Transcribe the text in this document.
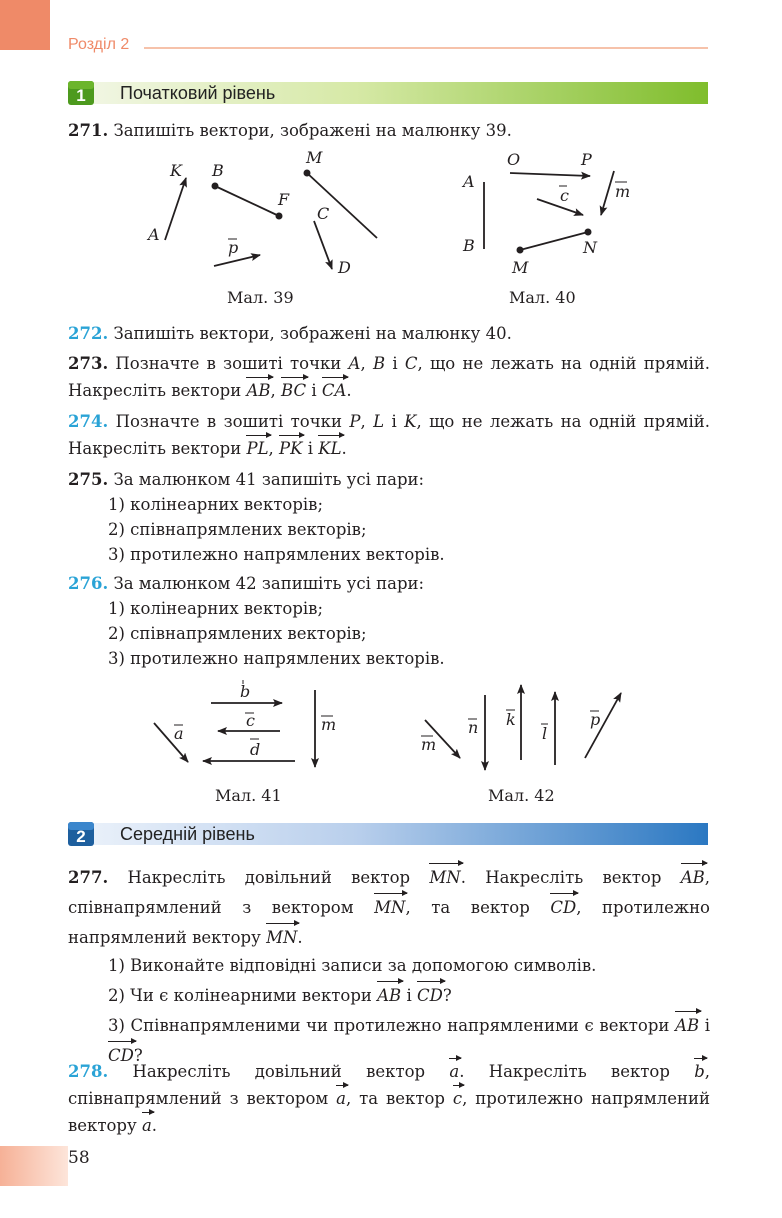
Розділ 2
1 Початковий рівень
271. Запишіть вектори, зображені на малюнку 39.
K
A
B
F
M
C
D
p
Мал. 39
O	P
A
B
c	m
M
N
Мал. 40
272. Запишіть вектори, зображені на малюнку 40.
273. Позначте в зошиті точки A, B і C, що не лежать на одній прямій. Накресліть вектори AB, BC і CA.
274. Позначте в зошиті точки P, L і K, що не лежать на одній прямій. Накресліть вектори PL, PK і KL.
275. За малюнком 41 запишіть усі пари:
1) колінеарних векторів;
2) співнапрямлених векторів;
3) протилежно напрямлених векторів.
276. За малюнком 42 запишіть усі пари:
1) колінеарних векторів;
2) співнапрямлених векторів;
3) протилежно напрямлених векторів.
b
c
d
a	m
Мал. 41
m
n k
l
p
Мал. 42
2 Середній рівень
277. Накресліть довільний вектор MN. Накресліть вектор AB, співнапрямлений з вектором MN, та вектор CD, протилежно напрямлений вектору MN.
1) Виконайте відповідні записи за допомогою символів.
2) Чи є колінеарними вектори AB і CD?
3) Співнапрямленими чи протилежно напрямленими є вектори AB і CD?
278. Накресліть довільний вектор a. Накресліть вектор b, співнапрямлений з вектором a, та вектор c, протилежно напрямлений вектору a.
58
